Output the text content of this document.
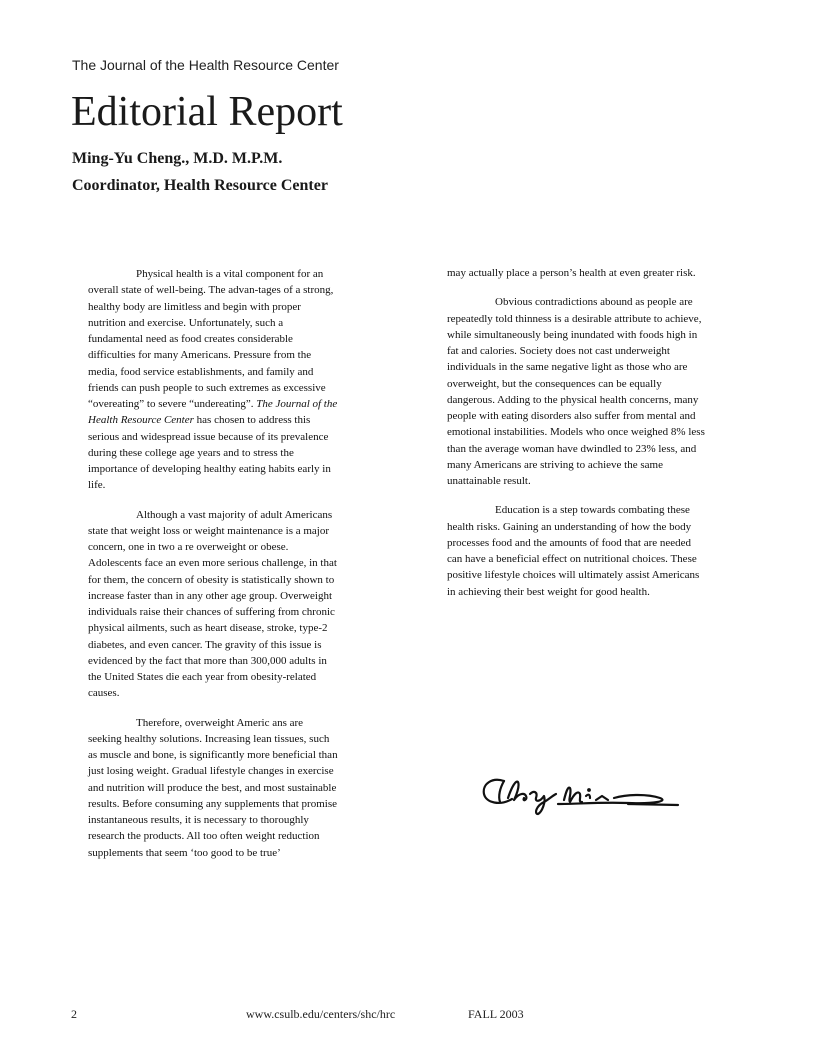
The Journal of the Health Resource Center
Editorial Report
Ming-Yu Cheng., M.D. M.P.M.
Coordinator, Health Resource Center

Physical health is a vital component for an overall state of well-being. The advan-tages of a strong, healthy body are limitless and begin with proper nutrition and exercise. Unfortunately, such a fundamental need as food creates considerable difficulties for many Americans. Pressure from the media, food service establishments, and family and friends can push people to such extremes as excessive “overeating” to severe “undereating”. The Journal of the Health Resource Center has chosen to address this serious and widespread issue because of its prevalence during these college age years and to stress the importance of developing healthy eating habits early in life.

Although a vast majority of adult Americans state that weight loss or weight maintenance is a major concern, one in two a re overweight or obese. Adolescents face an even more serious challenge, in that for them, the concern of obesity is statistically shown to increase faster than in any other age group. Overweight individuals raise their chances of suffering from chronic physical ailments, such as heart disease, stroke, type-2 diabetes, and even cancer. The gravity of this issue is evidenced by the fact that more than 300,000 adults in the United States die each year from obesity-related causes.

Therefore, overweight Americ ans are seeking healthy solutions. Increasing lean tissues, such as muscle and bone, is significantly more beneficial than just losing weight. Gradual lifestyle changes in exercise and nutrition will produce the best, and most sustainable results. Before consuming any supplements that promise instantaneous results, it is necessary to thoroughly research the products. All too often weight reduction supplements that seem ‘too good to be true’

may actually place a person’s health at even greater risk.

Obvious contradictions abound as people are repeatedly told thinness is a desirable attribute to achieve, while simultaneously being inundated with foods high in fat and calories. Society does not cast underweight individuals in the same negative light as those who are overweight, but the consequences can be equally dangerous. Adding to the physical health concerns, many people with eating disorders also suffer from mental and emotional instabilities. Models who once weighed 8% less than the average woman have dwindled to 23% less, and many Americans are striving to achieve the same unattainable result.

Education is a step towards combating these health risks. Gaining an understanding of how the body processes food and the amounts of food that are needed can have a beneficial effect on nutritional choices. These positive lifestyle choices will ultimately assist Americans in achieving their best weight for good health.

2	www.csulb.edu/centers/shc/hrc	FALL 2003
